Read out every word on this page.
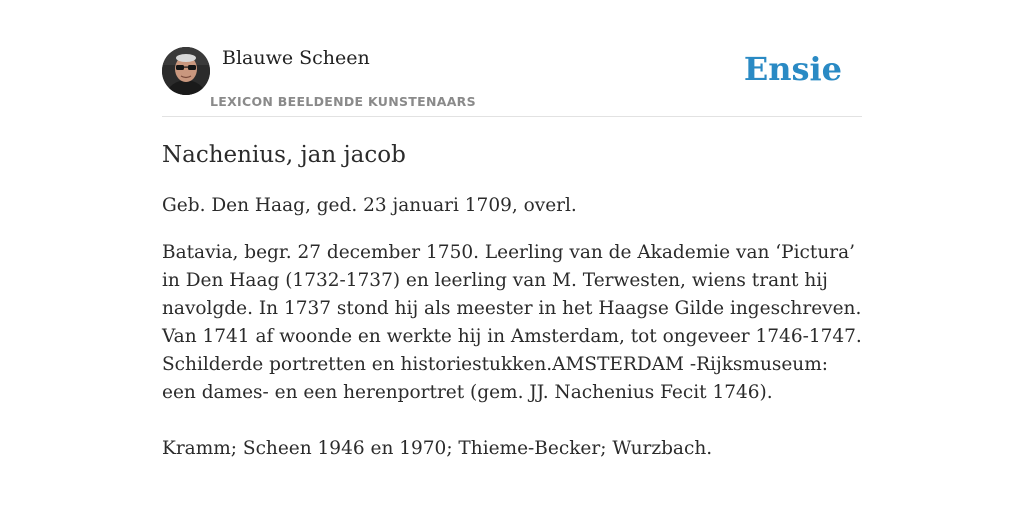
Blauwe Scheen
LEXICON BEELDENDE KUNSTENAARS
Ensie
Nachenius, jan jacob

Geb. Den Haag, ged. 23 januari 1709, overl.

Batavia, begr. 27 december 1750. Leerling van de Akademie van ‘Pictura’ in Den Haag (1732-1737) en leerling van M. Terwesten, wiens trant hij navolgde. In 1737 stond hij als meester in het Haagse Gilde ingeschreven. Van 1741 af woonde en werkte hij in Amsterdam, tot ongeveer 1746-1747. Schilderde portretten en historiestukken.AMSTERDAM -Rijksmuseum: een dames- en een herenportret (gem. JJ. Nachenius Fecit 1746).

Kramm; Scheen 1946 en 1970; Thieme-Becker; Wurzbach.
